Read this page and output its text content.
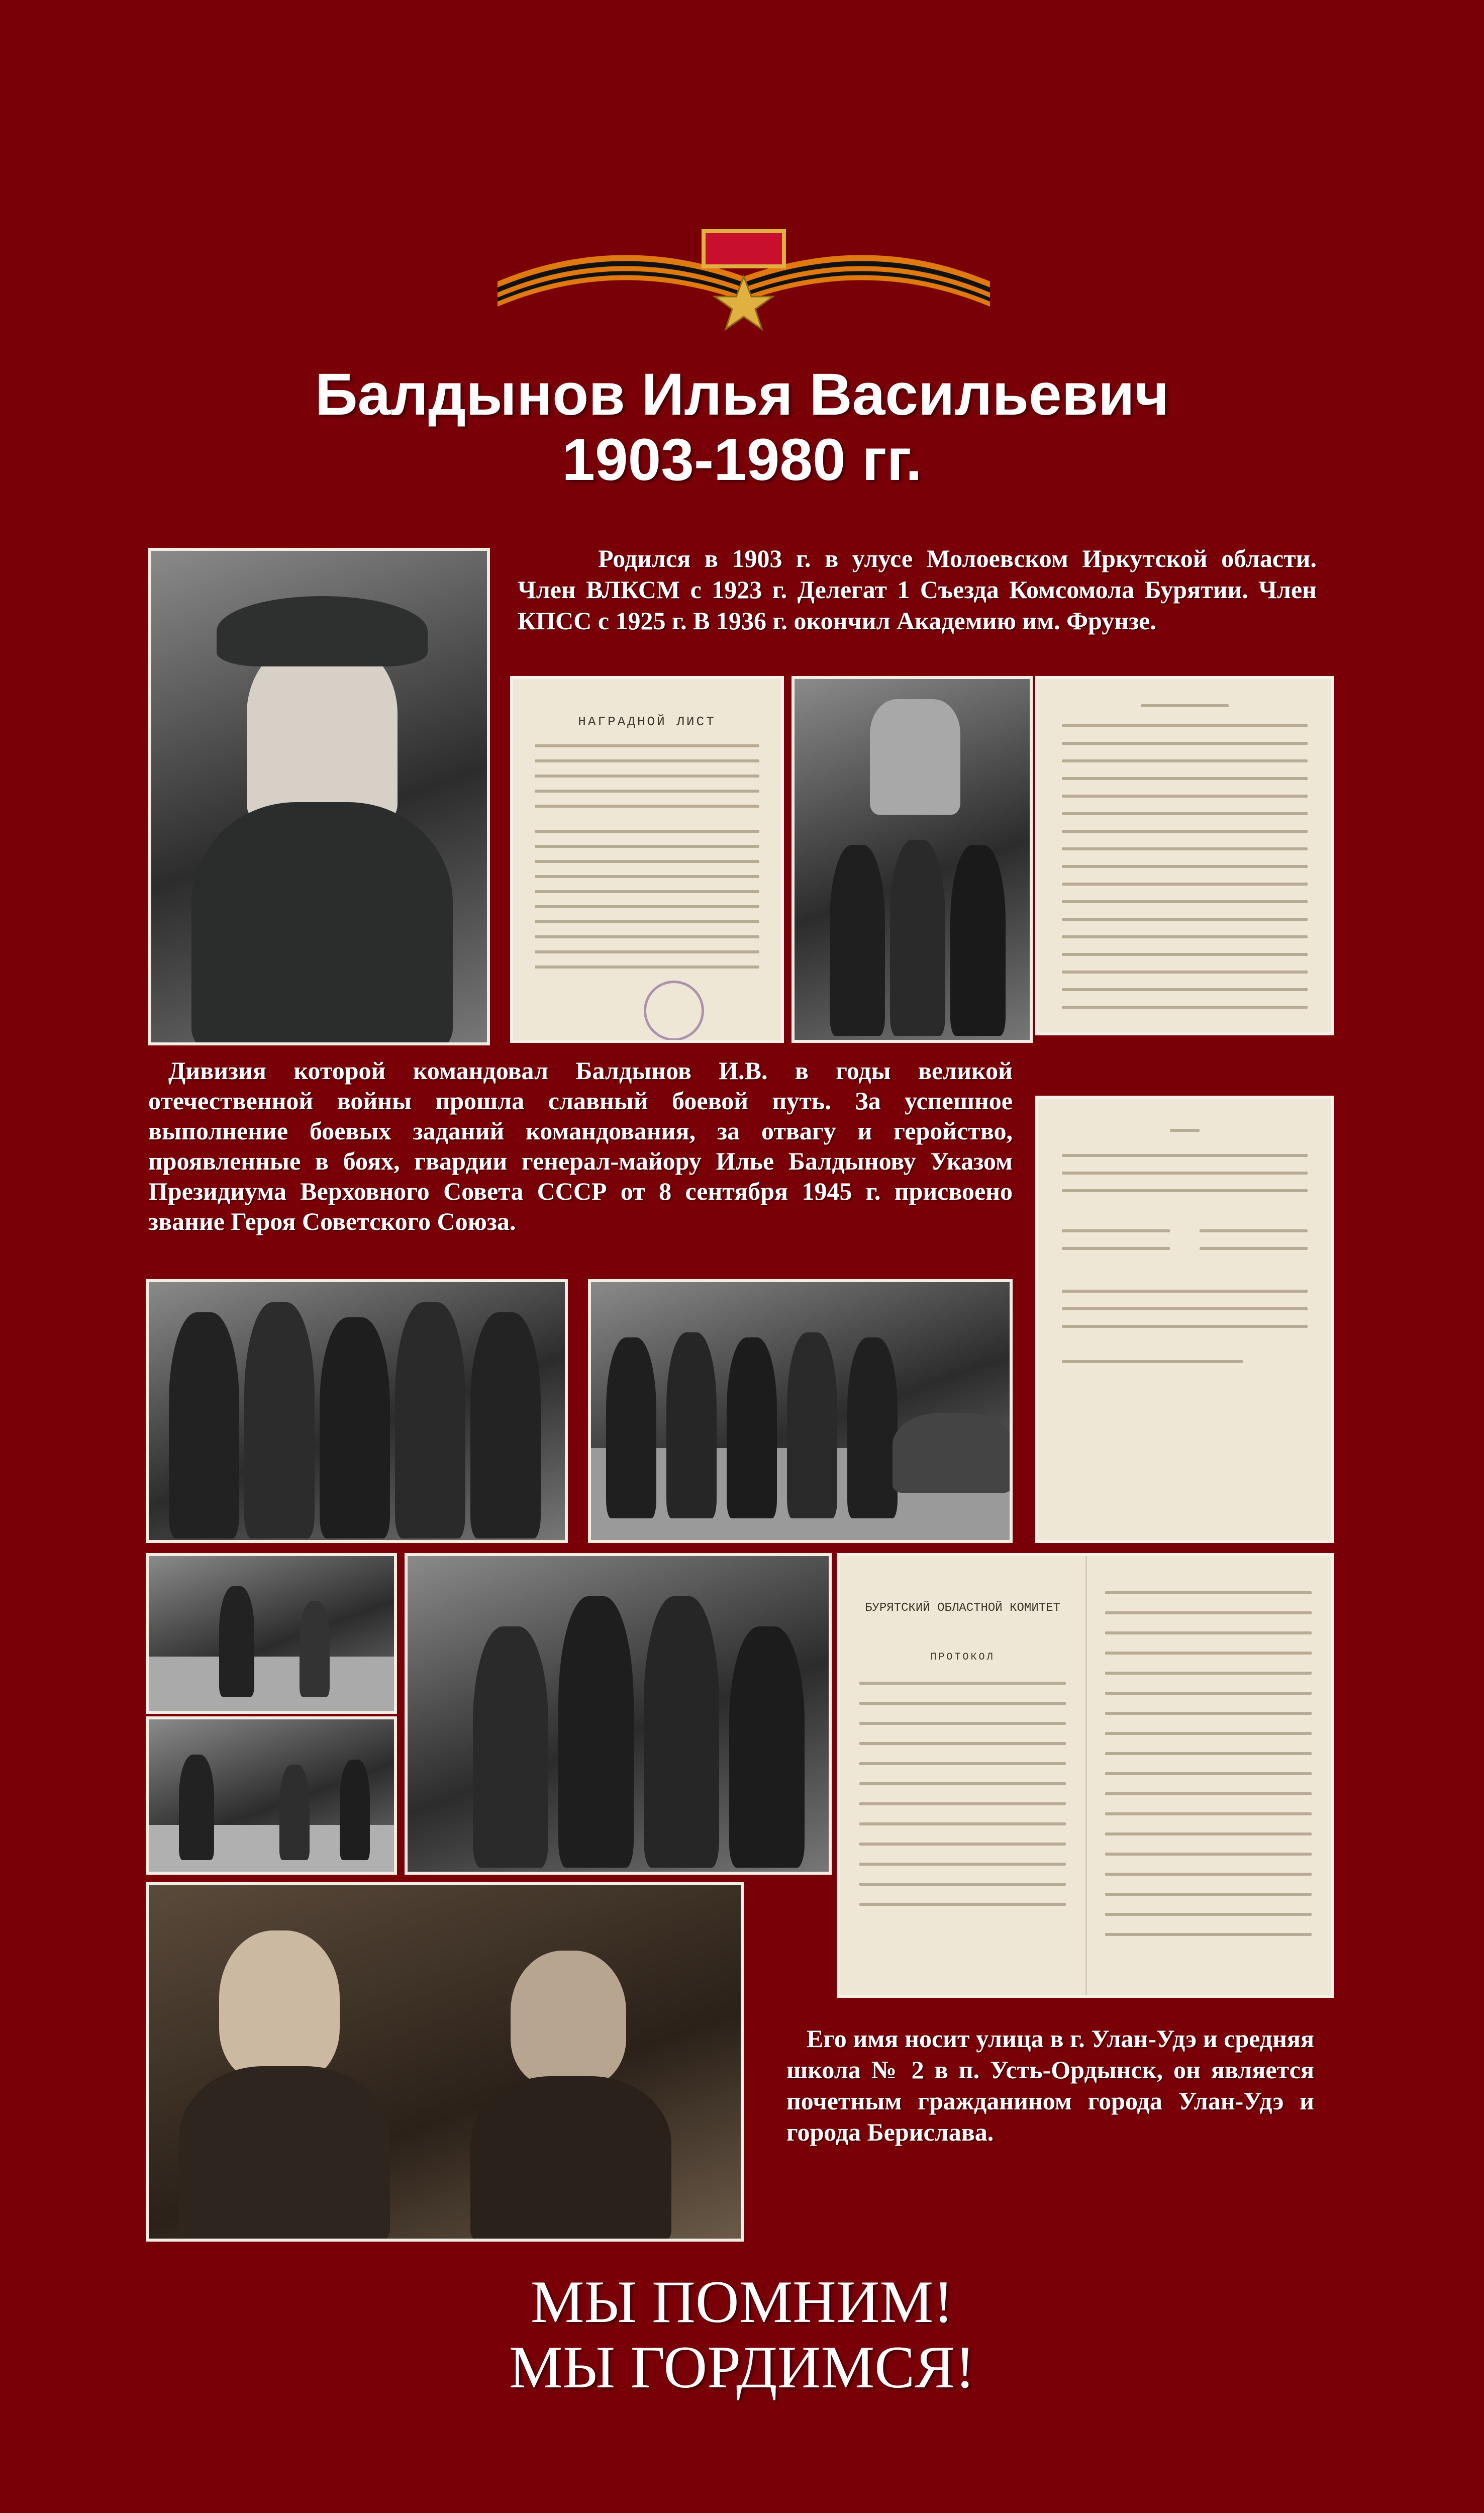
Балдынов Илья Васильевич
1903-1980 гг.
Родился в 1903 г. в улусе Молоевском Иркутской области. Член ВЛКСМ с 1923 г. Делегат 1 Съезда Комсомола Бурятии. Член КПСС с 1925 г. В 1936 г. окончил Академию им. Фрунзе.
НАГРАДНОЙ ЛИСТ
Дивизия которой командовал Балдынов И.В. в годы великой отечественной войны прошла славный боевой путь. За успешное выполнение боевых заданий командования, за отвагу и геройство, проявленные в боях, гвардии генерал-майору Илье Балдынову Указом Президиума Верховного Совета СССР от 8 сентября 1945 г. присвоено звание Героя Советского Союза.
БУРЯТСКИЙ ОБЛАСТНОЙ КОМИТЕТ
ПРОТОКОЛ
Его имя носит улица в г. Улан-Удэ и средняя школа № 2 в п. Усть-Ордынск, он является почетным гражданином города Улан-Удэ и города Берислава.
МЫ ПОМНИМ!
МЫ ГОРДИМСЯ!
